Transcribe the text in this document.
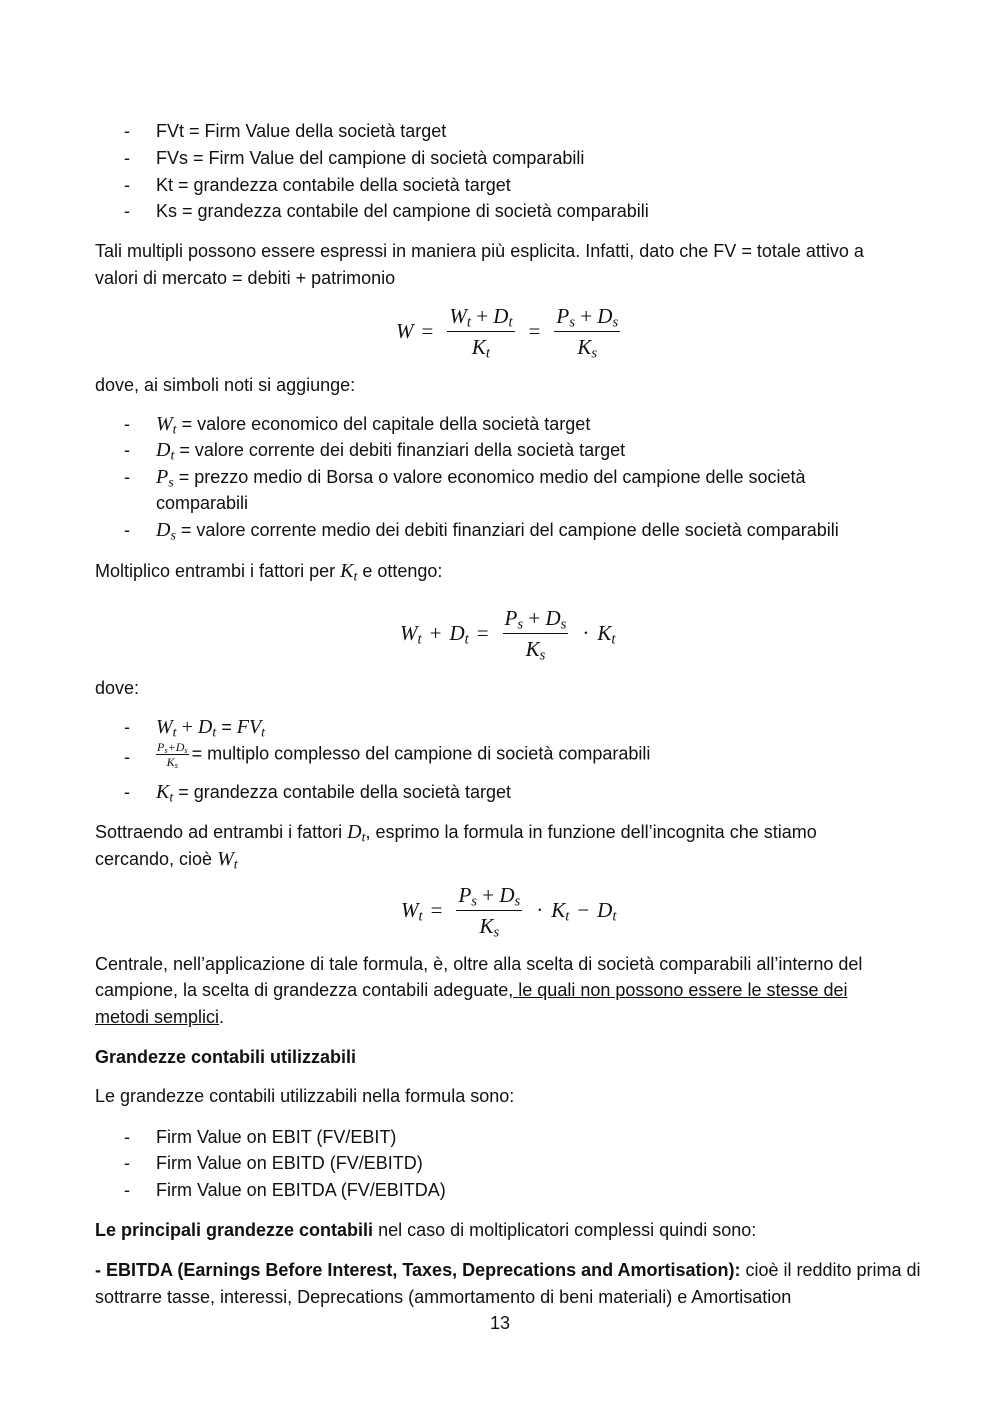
- FVt = Firm Value della società target
- FVs = Firm Value del campione di società comparabili
- Kt = grandezza contabile della società target
- Ks = grandezza contabile del campione di società comparabili
Tali multipli possono essere espressi in maniera più esplicita. Infatti, dato che FV = totale attivo a
valori di mercato = debiti + patrimonio
$W = \frac{W_t + D_t}{K_t} = \frac{P_s + D_s}{K_s}$
dove, ai simboli noti si aggiunge:
- $W_t$ = valore economico del capitale della società target
- $D_t$ = valore corrente dei debiti finanziari della società target
- $P_s$ = prezzo medio di Borsa o valore economico medio del campione delle società
comparabili
- $D_s$ = valore corrente medio dei debiti finanziari del campione delle società comparabili
Moltiplico entrambi i fattori per $K_t$ e ottengo:
$W_t + D_t = \frac{P_s + D_s}{K_s} \cdot K_t$
dove:
- $W_t + D_t = FV_t$
- $\frac{P_s+D_s}{K_s}$ = multiplo complesso del campione di società comparabili
- $K_t$ = grandezza contabile della società target
Sottraendo ad entrambi i fattori $D_t$, esprimo la formula in funzione dell’incognita che stiamo
cercando, cioè $W_t$
$W_t = \frac{P_s + D_s}{K_s} \cdot K_t - D_t$
Centrale, nell’applicazione di tale formula, è, oltre alla scelta di società comparabili all’interno del
campione, la scelta di grandezza contabili adeguate, le quali non possono essere le stesse dei
metodi semplici.
Grandezze contabili utilizzabili
Le grandezze contabili utilizzabili nella formula sono:
- Firm Value on EBIT (FV/EBIT)
- Firm Value on EBITD (FV/EBITD)
- Firm Value on EBITDA (FV/EBITDA)
Le principali grandezze contabili nel caso di moltiplicatori complessi quindi sono:
- EBITDA (Earnings Before Interest, Taxes, Deprecations and Amortisation): cioè il reddito prima di
sottrarre tasse, interessi, Deprecations (ammortamento di beni materiali) e Amortisation
13
